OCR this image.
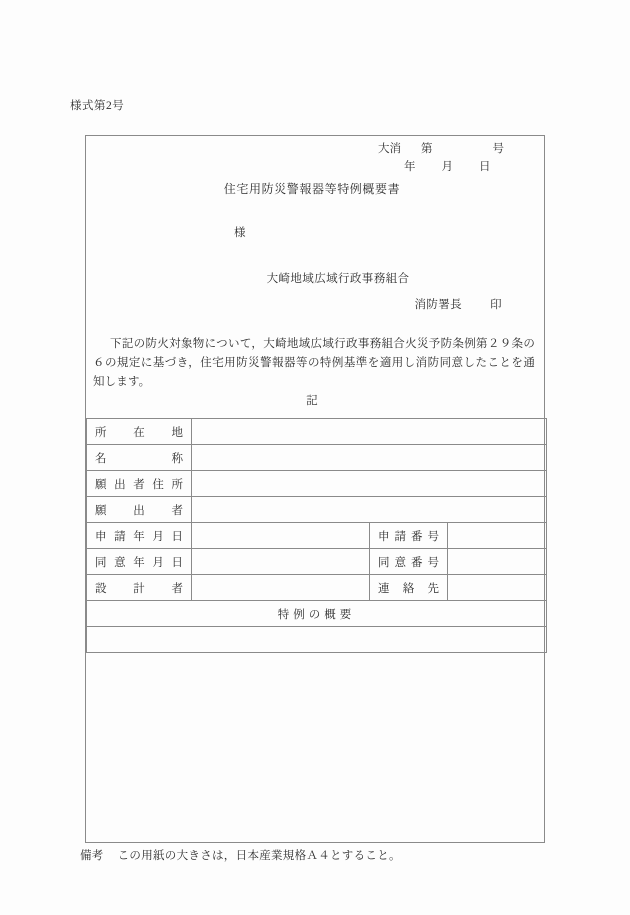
様式第2号
大消 第	号
年 月 日
住宅用防災警報器等特例概要書
様
大崎地域広域行政事務組合
消防署長 印
下記の防火対象物について，大崎地域広域行政事務組合火災予防条例第２９条の６の規定に基づき，住宅用防災警報器等の特例基準を適用し消防同意したことを通知します。
記
所在地			

名称			

願出者住所			

願出者			

申請年月日		申請番号	

同意年月日		同意番号	

設計者		連絡先	

特例の概要			

備考 この用紙の大きさは，日本産業規格Ａ４とすること。
